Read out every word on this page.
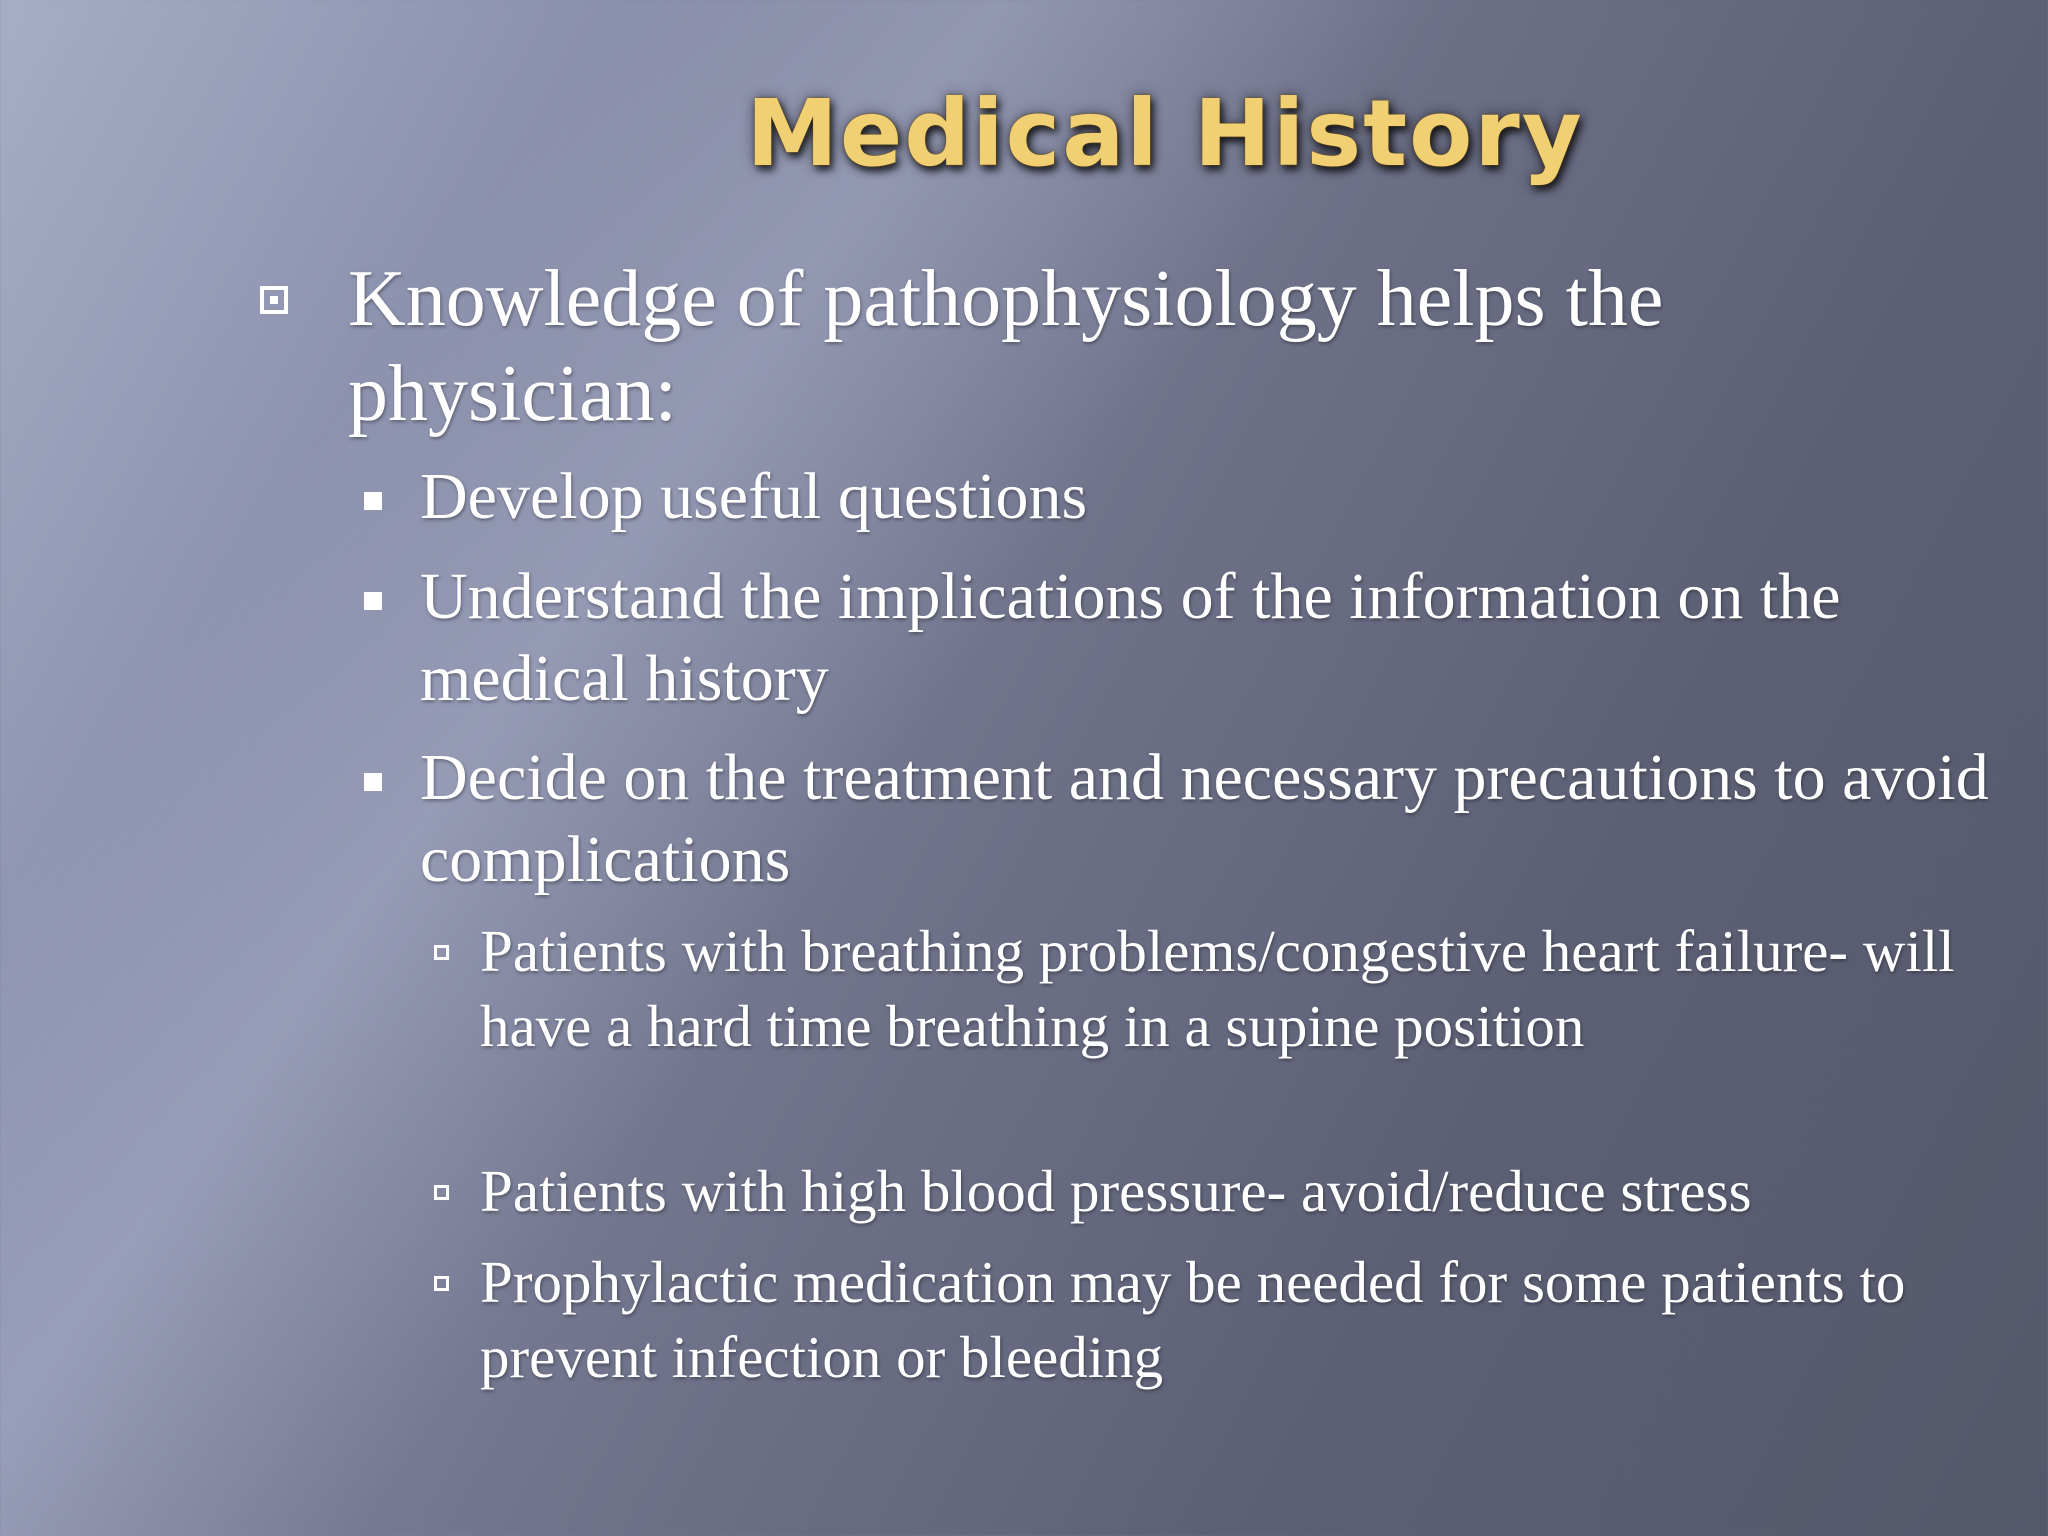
Medical History
Knowledge of pathophysiology helps the physician:
Develop useful questions
Understand the implications of the information on the medical history
Decide on the treatment and necessary precautions to avoid complications
Patients with breathing problems/congestive heart failure- will have a hard time breathing in a supine position
Patients with high blood pressure- avoid/reduce stress
Prophylactic medication may be needed for some patients to prevent infection or bleeding
